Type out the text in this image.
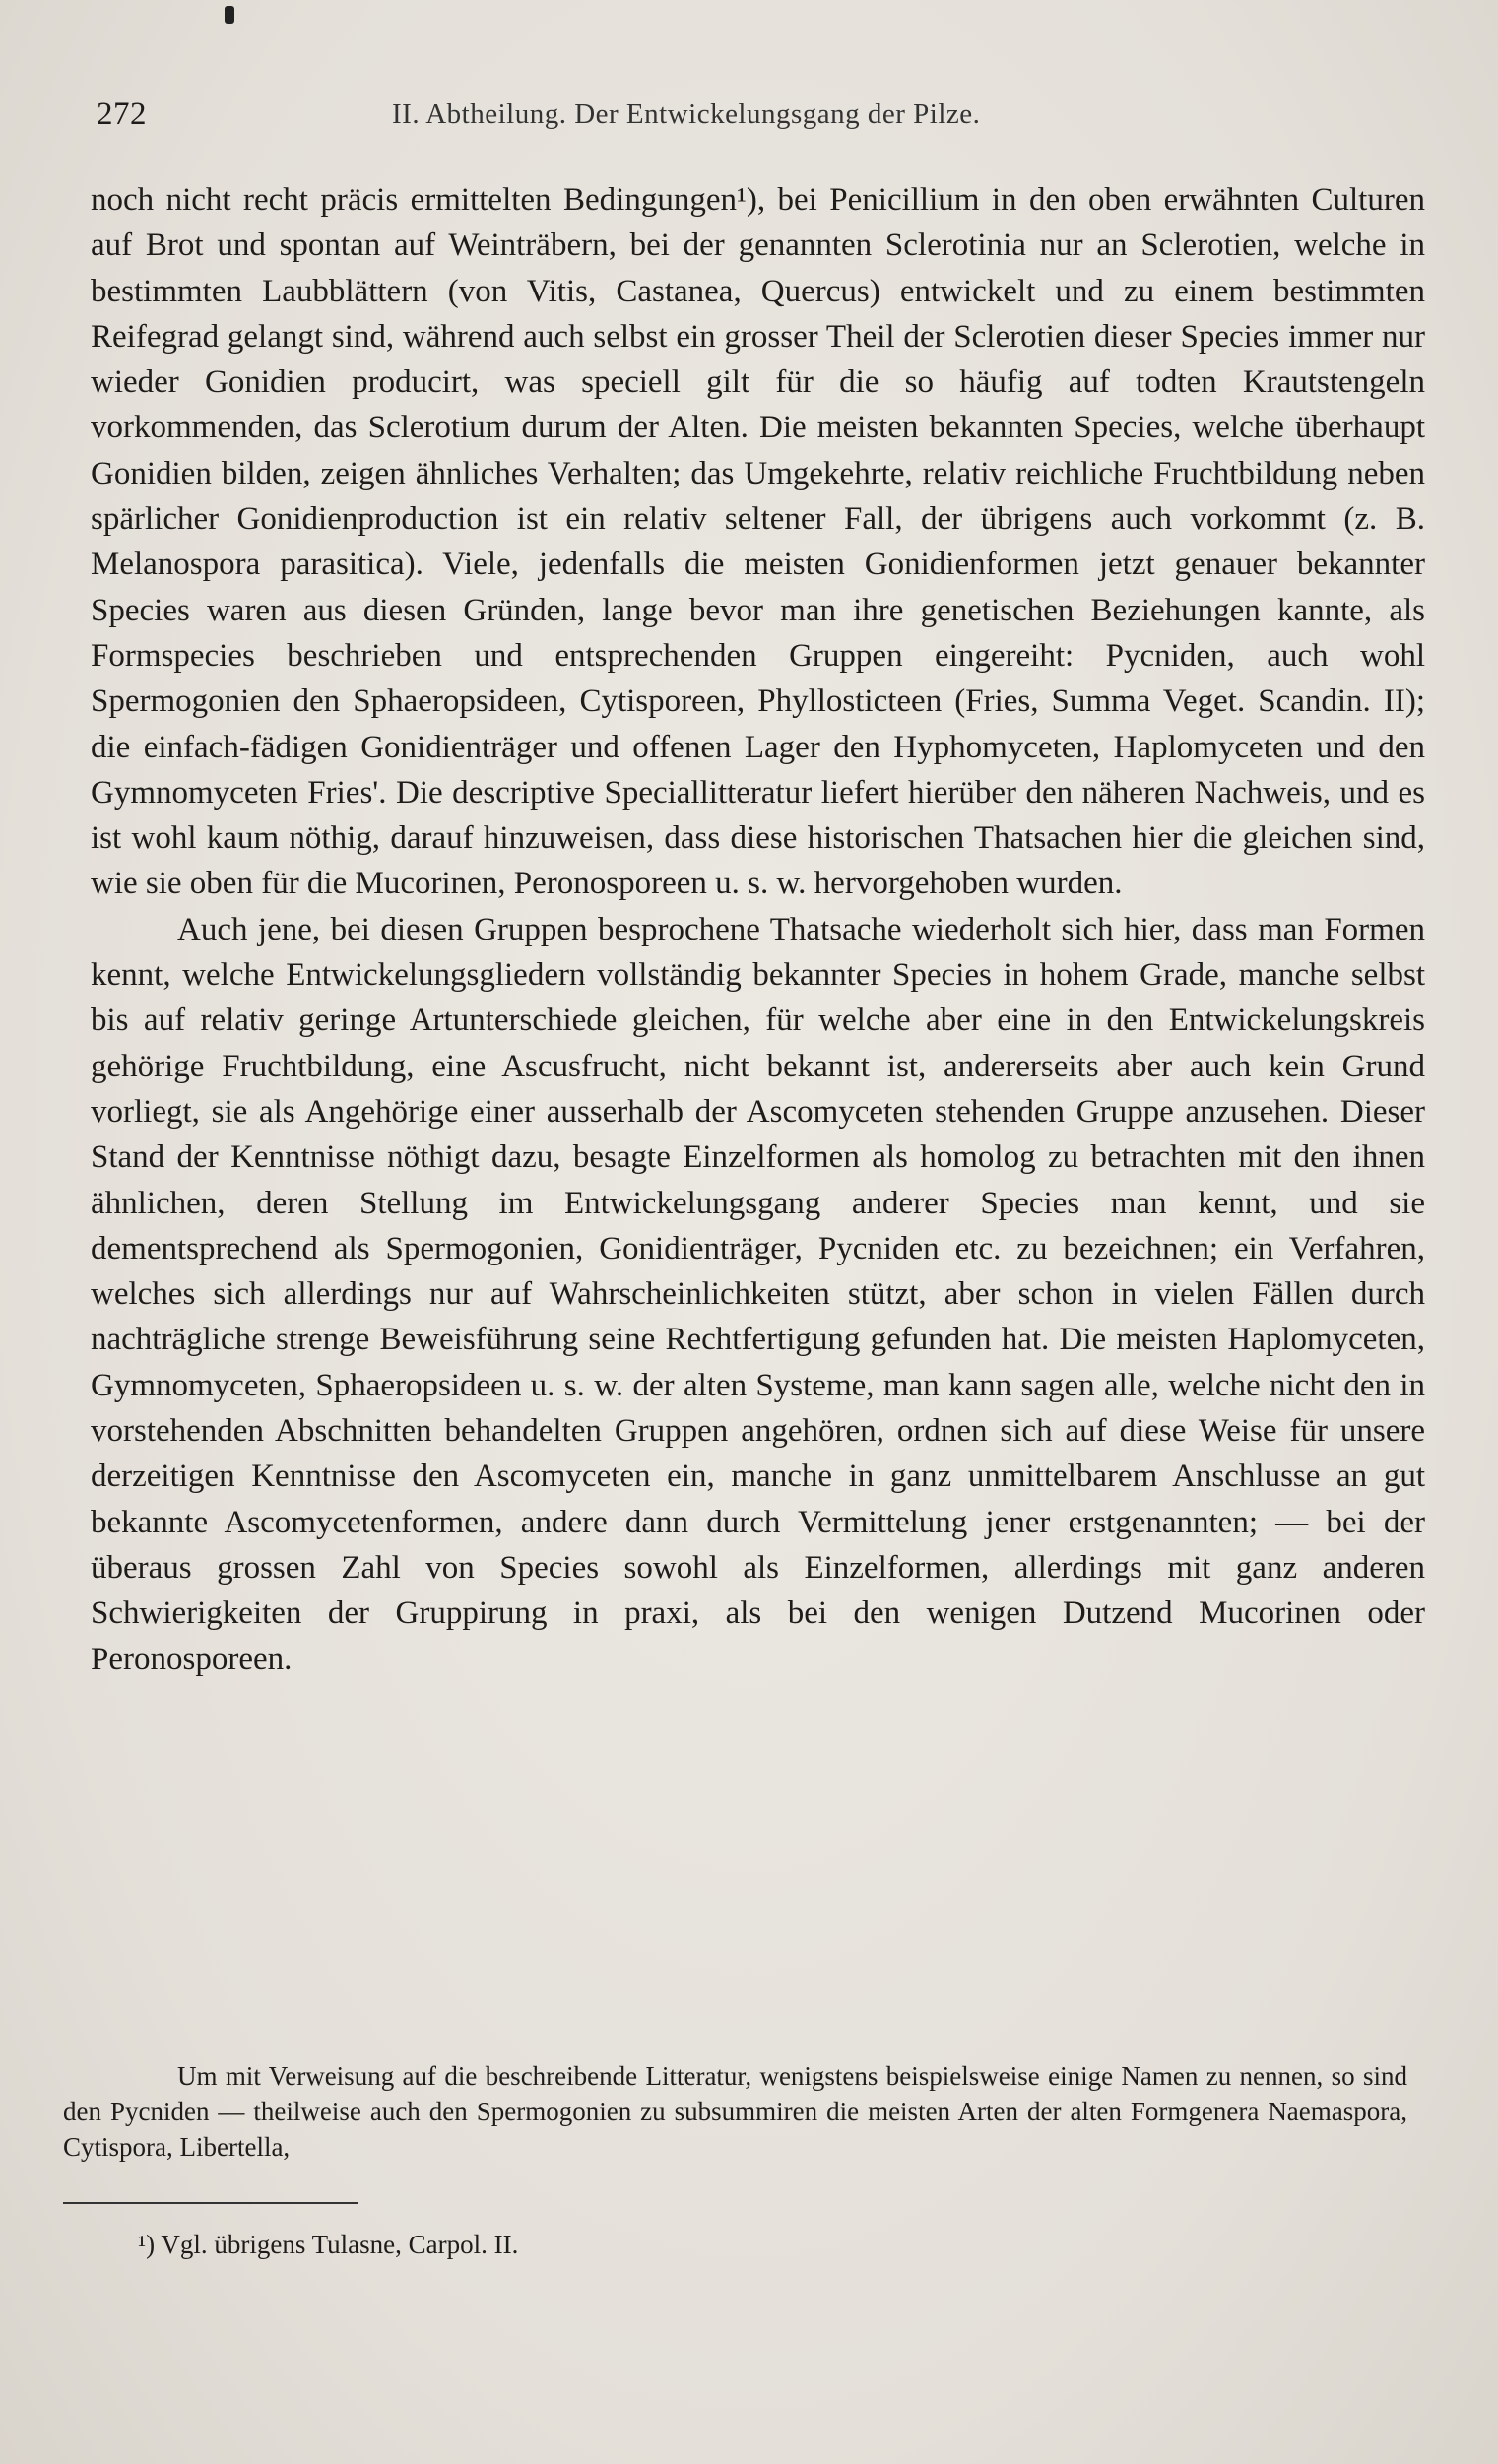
272	II. Abtheilung. Der Entwickelungsgang der Pilze.

noch nicht recht präcis ermittelten Bedingungen¹), bei Penicillium in den oben erwähnten Culturen auf Brot und spontan auf Weinträbern, bei der genannten Sclerotinia nur an Sclerotien, welche in bestimmten Laubblättern (von Vitis, Castanea, Quercus) entwickelt und zu einem bestimmten Reifegrad gelangt sind, während auch selbst ein grosser Theil der Sclerotien dieser Species immer nur wieder Gonidien producirt, was speciell gilt für die so häufig auf todten Krautstengeln vorkommenden, das Sclerotium durum der Alten. Die meisten bekannten Species, welche überhaupt Gonidien bilden, zeigen ähnliches Verhalten; das Umgekehrte, relativ reichliche Fruchtbildung neben spärlicher Gonidienproduction ist ein relativ seltener Fall, der übrigens auch vorkommt (z. B. Melanospora parasitica). Viele, jedenfalls die meisten Gonidienformen jetzt genauer bekannter Species waren aus diesen Gründen, lange bevor man ihre genetischen Beziehungen kannte, als Formspecies beschrieben und entsprechenden Gruppen eingereiht: Pycniden, auch wohl Spermogonien den Sphaeropsideen, Cytisporeen, Phyllosticteen (Fries, Summa Veget. Scandin. II); die einfach-fädigen Gonidienträger und offenen Lager den Hyphomyceten, Haplomyceten und den Gymnomyceten Fries'. Die descriptive Speciallitteratur liefert hierüber den näheren Nachweis, und es ist wohl kaum nöthig, darauf hinzuweisen, dass diese historischen Thatsachen hier die gleichen sind, wie sie oben für die Mucorinen, Peronosporeen u. s. w. hervorgehoben wurden.

Auch jene, bei diesen Gruppen besprochene Thatsache wiederholt sich hier, dass man Formen kennt, welche Entwickelungsgliedern vollständig bekannter Species in hohem Grade, manche selbst bis auf relativ geringe Artunterschiede gleichen, für welche aber eine in den Entwickelungskreis gehörige Fruchtbildung, eine Ascusfrucht, nicht bekannt ist, andererseits aber auch kein Grund vorliegt, sie als Angehörige einer ausserhalb der Ascomyceten stehenden Gruppe anzusehen. Dieser Stand der Kenntnisse nöthigt dazu, besagte Einzelformen als homolog zu betrachten mit den ihnen ähnlichen, deren Stellung im Entwickelungsgang anderer Species man kennt, und sie dementsprechend als Spermogonien, Gonidienträger, Pycniden etc. zu bezeichnen; ein Verfahren, welches sich allerdings nur auf Wahrscheinlichkeiten stützt, aber schon in vielen Fällen durch nachträgliche strenge Beweisführung seine Rechtfertigung gefunden hat. Die meisten Haplomyceten, Gymnomyceten, Sphaeropsideen u. s. w. der alten Systeme, man kann sagen alle, welche nicht den in vorstehenden Abschnitten behandelten Gruppen angehören, ordnen sich auf diese Weise für unsere derzeitigen Kenntnisse den Ascomyceten ein, manche in ganz unmittelbarem Anschlusse an gut bekannte Ascomycetenformen, andere dann durch Vermittelung jener erstgenannten; — bei der überaus grossen Zahl von Species sowohl als Einzelformen, allerdings mit ganz anderen Schwierigkeiten der Gruppirung in praxi, als bei den wenigen Dutzend Mucorinen oder Peronosporeen.

Um mit Verweisung auf die beschreibende Litteratur, wenigstens beispielsweise einige Namen zu nennen, so sind den Pycniden — theilweise auch den Spermogonien zu subsummiren die meisten Arten der alten Formgenera Naemaspora, Cytispora, Libertella,

¹) Vgl. übrigens Tulasne, Carpol. II.
